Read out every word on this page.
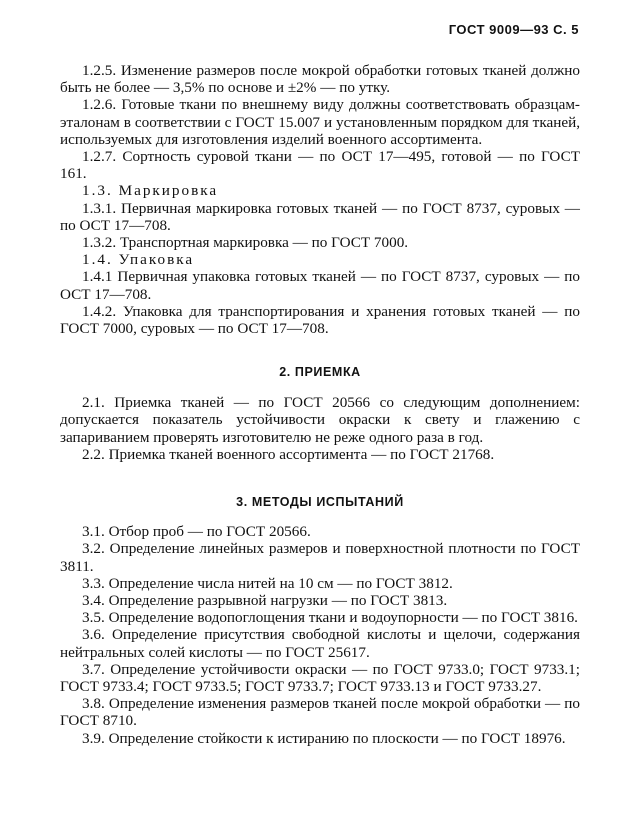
ГОСТ 9009—93 С. 5

1.2.5. Изменение размеров после мокрой обработки готовых тканей должно быть не более — 3,5% по основе и ±2% — по утку.

1.2.6. Готовые ткани по внешнему виду должны соответствовать образцам-эталонам в соответствии с ГОСТ 15.007 и установленным порядком для тканей, используемых для изготовления изделий военного ассортимента.

1.2.7. Сортность суровой ткани — по ОСТ 17—495, готовой — по ГОСТ 161.

1.3. Маркировка

1.3.1. Первичная маркировка готовых тканей — по ГОСТ 8737, суровых — по ОСТ 17—708.

1.3.2. Транспортная маркировка — по ГОСТ 7000.

1.4. Упаковка

1.4.1 Первичная упаковка готовых тканей — по ГОСТ 8737, суровых — по ОСТ 17—708.

1.4.2. Упаковка для транспортирования и хранения готовых тканей — по ГОСТ 7000, суровых — по ОСТ 17—708.

2. ПРИЕМКА

2.1. Приемка тканей — по ГОСТ 20566 со следующим дополнением: допускается показатель устойчивости окраски к свету и глажению с запариванием проверять изготовителю не реже одного раза в год.

2.2. Приемка тканей военного ассортимента — по ГОСТ 21768.

3. МЕТОДЫ ИСПЫТАНИЙ

3.1. Отбор проб — по ГОСТ 20566.

3.2. Определение линейных размеров и поверхностной плотности по ГОСТ 3811.

3.3. Определение числа нитей на 10 см — по ГОСТ 3812.

3.4. Определение разрывной нагрузки — по ГОСТ 3813.

3.5. Определение водопоглощения ткани и водоупорности — по ГОСТ 3816.

3.6. Определение присутствия свободной кислоты и щелочи, содержания нейтральных солей кислоты — по ГОСТ 25617.

3.7. Определение устойчивости окраски — по ГОСТ 9733.0; ГОСТ 9733.1; ГОСТ 9733.4; ГОСТ 9733.5; ГОСТ 9733.7; ГОСТ 9733.13 и ГОСТ 9733.27.

3.8. Определение изменения размеров тканей после мокрой обработки — по ГОСТ 8710.

3.9. Определение стойкости к истиранию по плоскости — по ГОСТ 18976.
